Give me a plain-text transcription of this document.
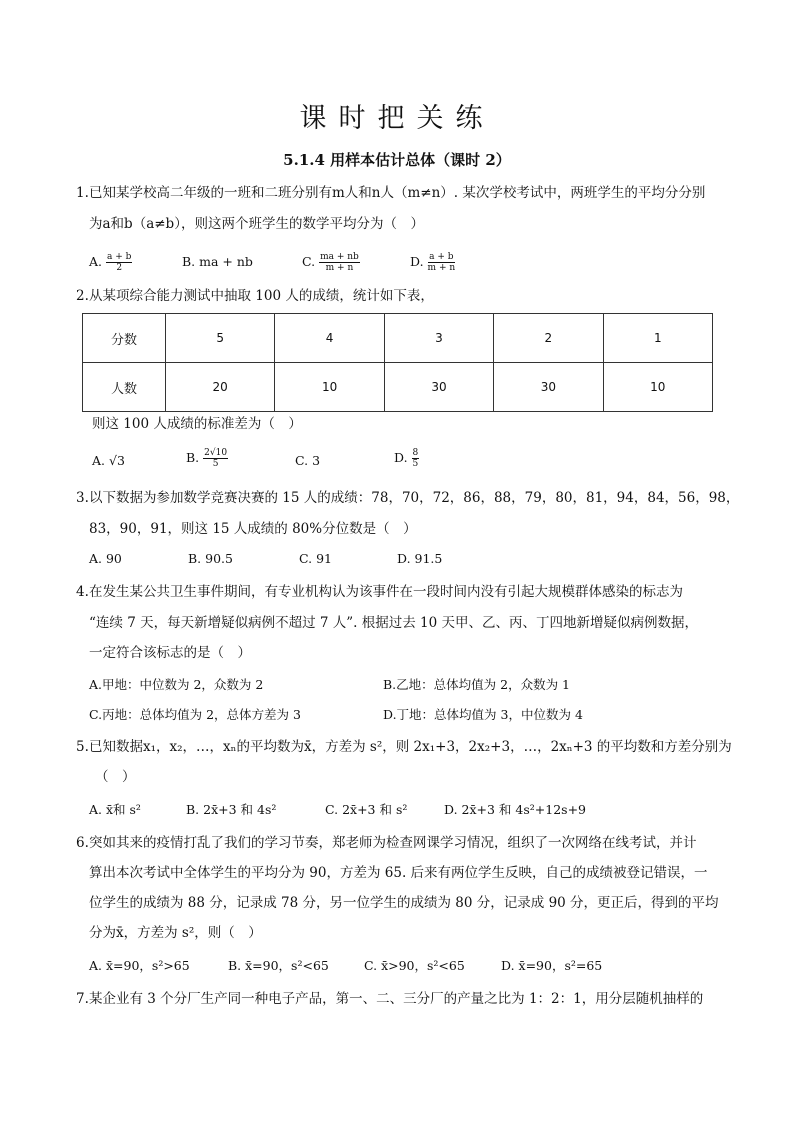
课时把关练
5.1.4 用样本估计总体（课时 2）
1. 已知某学校高二年级的一班和二班分别有m人和n人（m≠n）. 某次学校考试中，两班学生的平均分分别
为a和b（a≠b），则这两个班学生的数学平均分为（　）
A. $\frac{a + b}{2}$	B. ma + nb	C. $\frac{ma + nb}{m + n}$	D. $\frac{a + b}{m + n}$
2. 从某项综合能力测试中抽取 100 人的成绩，统计如下表，
分数	5	4	3	2	1
人数	20	10	30	30	10
则这 100 人成绩的标准差为（　）
A. √3	B. $\frac{2√10}{5}$	C. 3	D. $\frac{8}{5}$
3. 以下数据为参加数学竞赛决赛的 15 人的成绩：78，70，72，86，88，79，80，81，94，84，56，98，
83，90，91，则这 15 人成绩的 80%分位数是（　）
A. 90	B. 90.5	C. 91	D. 91.5
4. 在发生某公共卫生事件期间，有专业机构认为该事件在一段时间内没有引起大规模群体感染的标志为
“连续 7 天，每天新增疑似病例不超过 7 人”. 根据过去 10 天甲、乙、丙、丁四地新增疑似病例数据，
一定符合该标志的是（　）
A.甲地：中位数为 2，众数为 2	B.乙地：总体均值为 2，众数为 1
C.丙地：总体均值为 2，总体方差为 3	D.丁地：总体均值为 3，中位数为 4
5. 已知数据x₁，x₂，…，xₙ的平均数为x̄，方差为 s²，则 2x₁+3，2x₂+3，…，2xₙ+3 的平均数和方差分别为
（　）
A. x̄和 s²	B. 2x̄+3 和 4s²	C. 2x̄+3 和 s²	D. 2x̄+3 和 4s²+12s+9
6. 突如其来的疫情打乱了我们的学习节奏，郑老师为检查网课学习情况，组织了一次网络在线考试，并计
算出本次考试中全体学生的平均分为 90，方差为 65. 后来有两位学生反映，自己的成绩被登记错误，一
位学生的成绩为 88 分，记录成 78 分，另一位学生的成绩为 80 分，记录成 90 分，更正后，得到的平均
分为x̄，方差为 s²，则（　）
A. x̄=90，s²>65	B. x̄=90，s²<65	C. x̄>90，s²<65	D. x̄=90，s²=65
7. 某企业有 3 个分厂生产同一种电子产品，第一、二、三分厂的产量之比为 1：2：1，用分层随机抽样的
